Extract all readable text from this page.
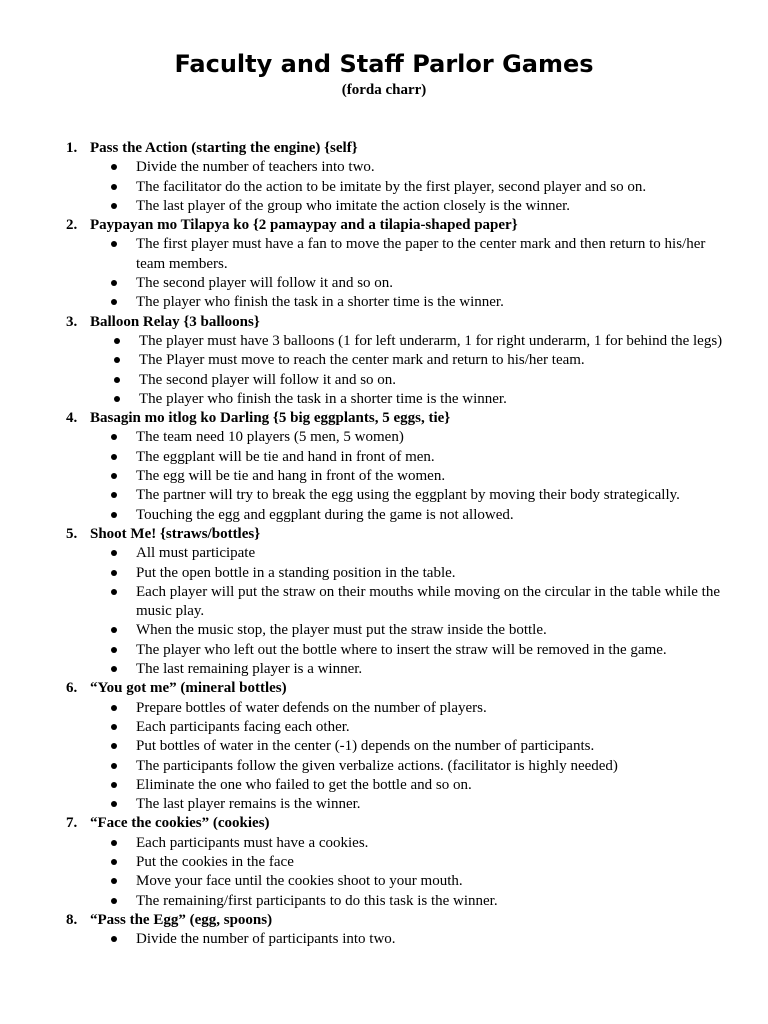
Faculty and Staff Parlor Games

(forda charr)

1. Pass the Action (starting the engine) {self}
Divide the number of teachers into two.
The facilitator do the action to be imitate by the first player, second player and so on.
The last player of the group who imitate the action closely is the winner.
2. Paypayan mo Tilapya ko {2 pamaypay and a tilapia-shaped paper}
The first player must have a fan to move the paper to the center mark and then return to his/her team members.
The second player will follow it and so on.
The player who finish the task in a shorter time is the winner.
3. Balloon Relay {3 balloons}
The player must have 3 balloons (1 for left underarm, 1 for right underarm, 1 for behind the legs)
The Player must move to reach the center mark and return to his/her team.
The second player will follow it and so on.
The player who finish the task in a shorter time is the winner.
4. Basagin mo itlog ko Darling {5 big eggplants, 5 eggs, tie}
The team need 10 players (5 men, 5 women)
The eggplant will be tie and hand in front of men.
The egg will be tie and hang in front of the women.
The partner will try to break the egg using the eggplant by moving their body strategically.
Touching the egg and eggplant during the game is not allowed.
5. Shoot Me! {straws/bottles}
All must participate
Put the open bottle in a standing position in the table.
Each player will put the straw on their mouths while moving on the circular in the table while the music play.
When the music stop, the player must put the straw inside the bottle.
The player who left out the bottle where to insert the straw will be removed in the game.
The last remaining player is a winner.
6. “You got me” (mineral bottles)
Prepare bottles of water defends on the number of players.
Each participants facing each other.
Put bottles of water in the center (-1) depends on the number of participants.
The participants follow the given verbalize actions. (facilitator is highly needed)
Eliminate the one who failed to get the bottle and so on.
The last player remains is the winner.
7. “Face the cookies” (cookies)
Each participants must have a cookies.
Put the cookies in the face
Move your face until the cookies shoot to your mouth.
The remaining/first participants to do this task is the winner.
8. “Pass the Egg” (egg, spoons)
Divide the number of participants into two.
